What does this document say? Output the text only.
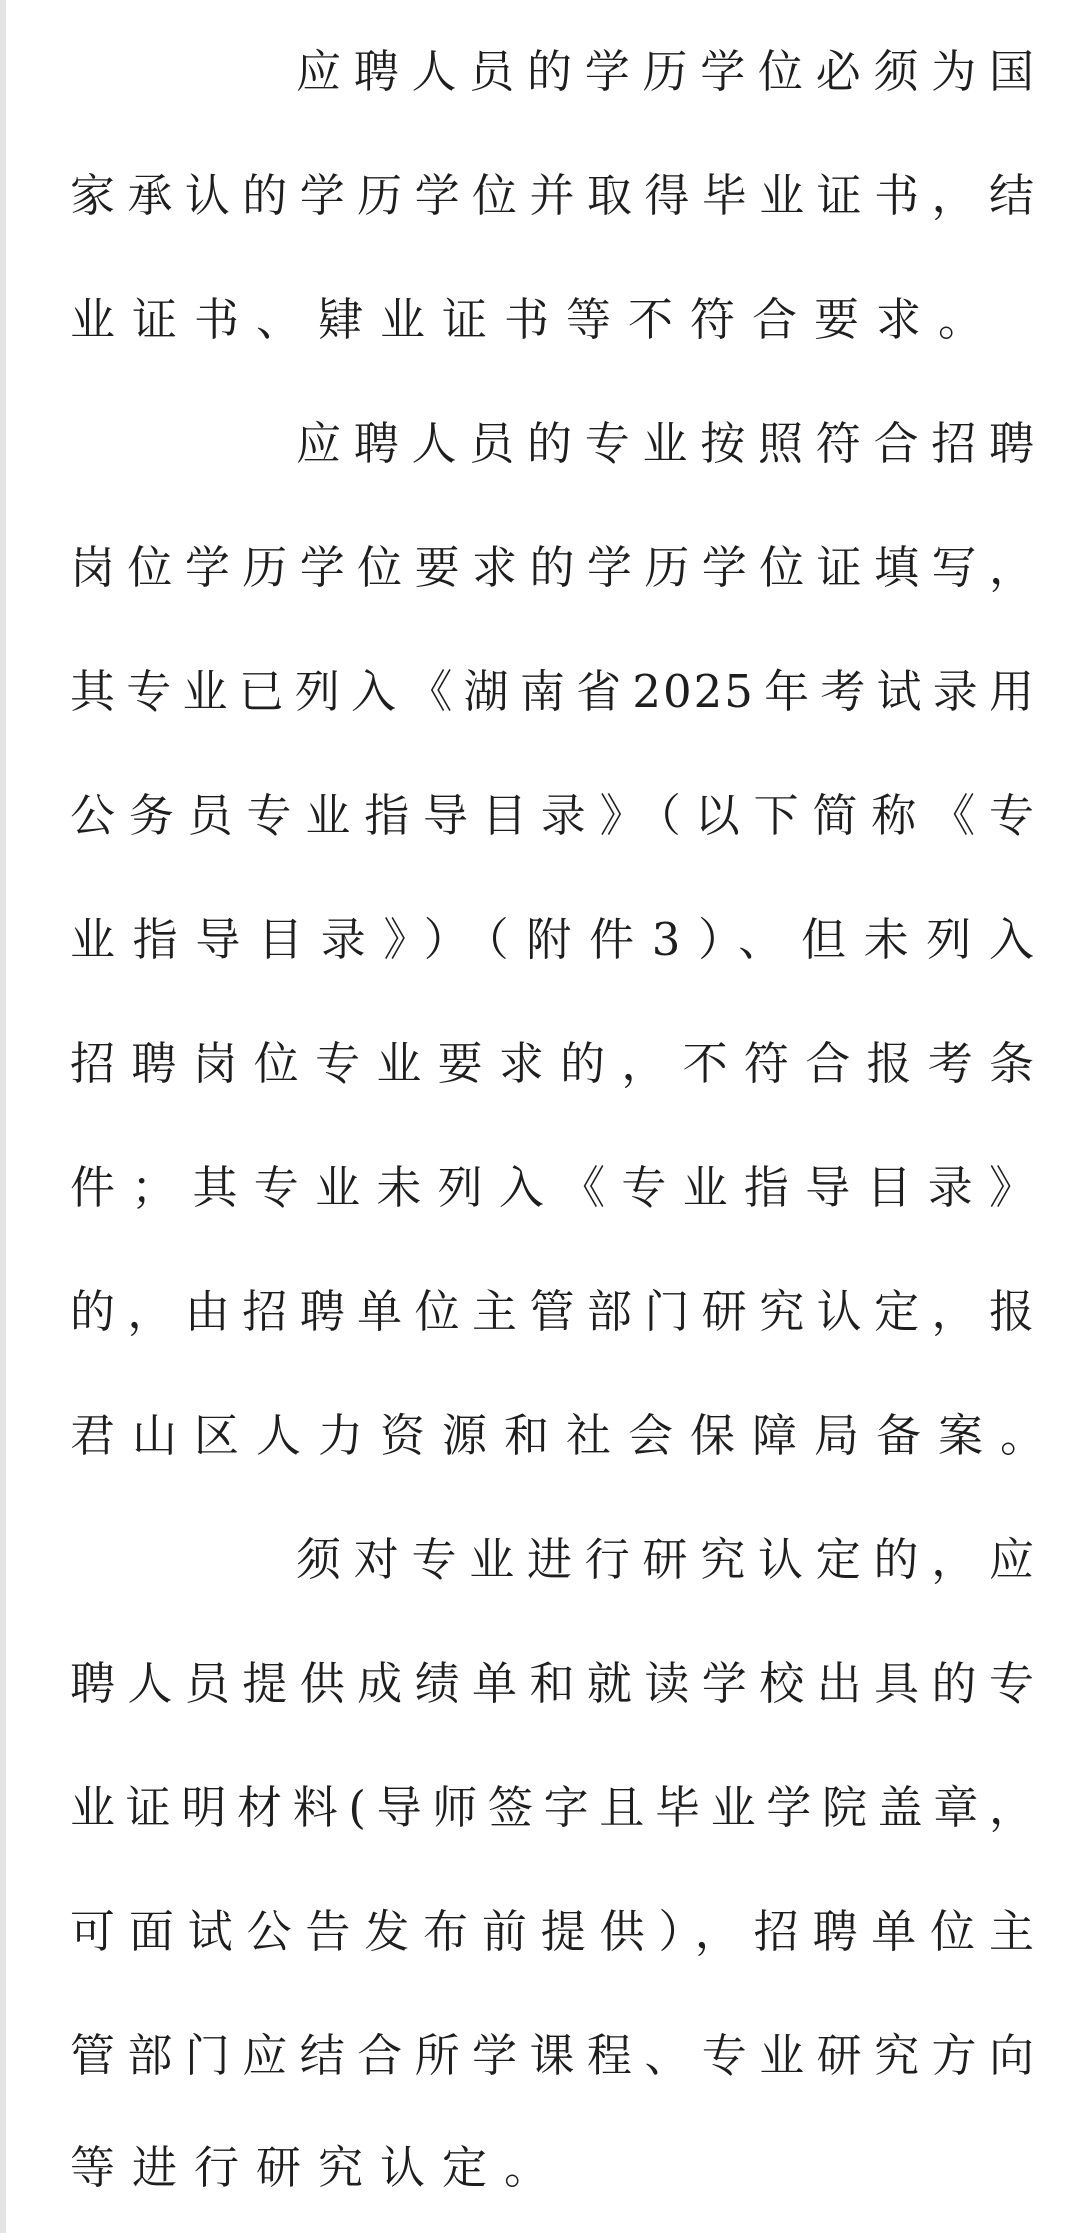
应聘人员的学历学位必须为国
家承认的学历学位并取得毕业证书，结
业证书、肄业证书等不符合要求。
应聘人员的专业按照符合招聘
岗位学历学位要求的学历学位证填写，
其专业已列入《湖南省2025年考试录用
公务员专业指导目录》（以下简称《专
业指导目录》）（附件3）、但未列入
招聘岗位专业要求的，不符合报考条
件；其专业未列入《专业指导目录》
的，由招聘单位主管部门研究认定，报
君山区人力资源和社会保障局备案。
须对专业进行研究认定的，应
聘人员提供成绩单和就读学校出具的专
业证明材料(导师签字且毕业学院盖章，
可面试公告发布前提供），招聘单位主
管部门应结合所学课程、专业研究方向
等进行研究认定。
